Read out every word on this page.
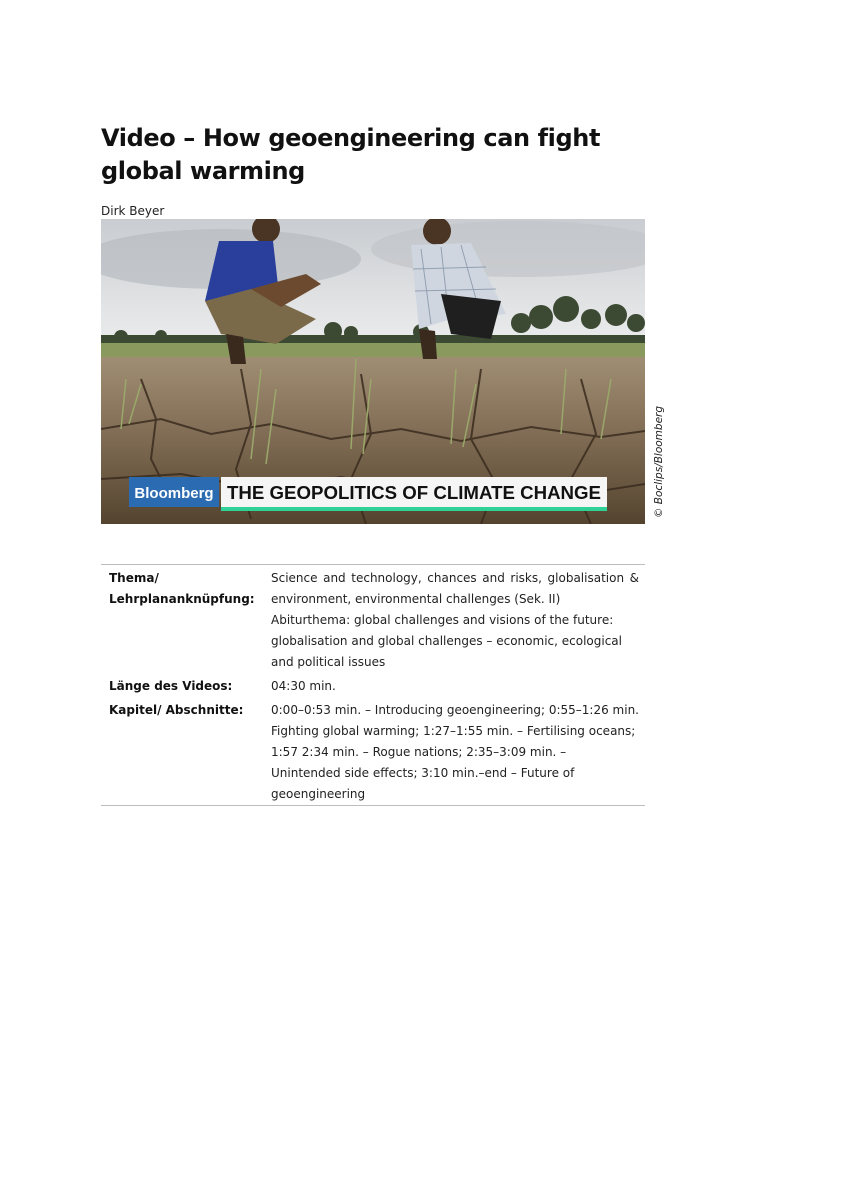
Video – How geoengineering can fight global warming
Dirk Beyer
Bloomberg THE GEOPOLITICS OF CLIMATE CHANGE	© Boclips/Bloomberg
Thema/ Lehrplananknüpfung:	Science and technology, chances and risks, globalisation & environment, environmental challenges (Sek. II)
Abiturthema: global challenges and visions of the future: globalisation and global challenges – economic, ecological and political issues

Länge des Videos:	04:30 min.
Kapitel/ Abschnitte:	0:00–0:53 min. – Introducing geoengineering; 0:55–1:26 min. Fighting global warming; 1:27–1:55 min. – Fertilising oceans; 1:57 2:34 min. – Rogue nations; 2:35–3:09 min. – Unintended side effects; 3:10 min.–end – Future of geoengineering
